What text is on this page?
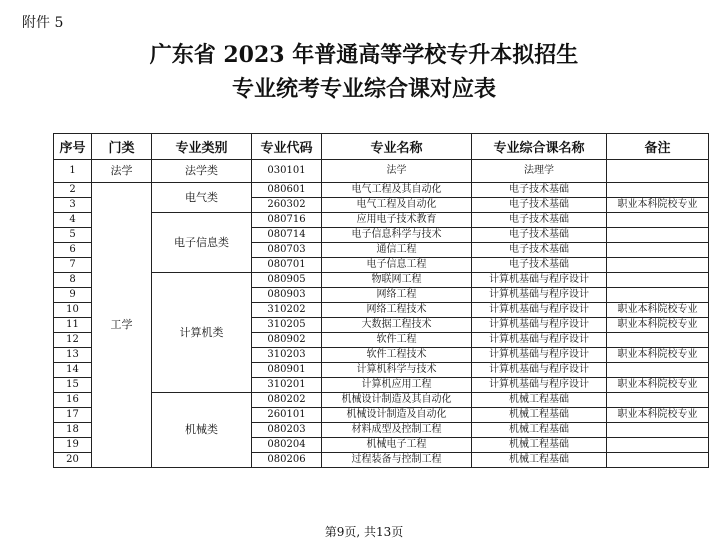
附件 5
广东省 2023 年普通高等学校专升本拟招生
专业统考专业综合课对应表
序号	门类	专业类别	专业代码	专业名称	专业综合课名称	备注
1	法学	法学类	030101	法学	法理学	
2	工学	电气类	080601	电气工程及其自动化	电子技术基础	
3			260302	电气工程及自动化	电子技术基础	职业本科院校专业
4		电子信息类	080716	应用电子技术教育	电子技术基础	
5			080714	电子信息科学与技术	电子技术基础	
6			080703	通信工程	电子技术基础	
7			080701	电子信息工程	电子技术基础	
8		计算机类	080905	物联网工程	计算机基础与程序设计	
9			080903	网络工程	计算机基础与程序设计	
10			310202	网络工程技术	计算机基础与程序设计	职业本科院校专业
11			310205	大数据工程技术	计算机基础与程序设计	职业本科院校专业
12			080902	软件工程	计算机基础与程序设计	
13			310203	软件工程技术	计算机基础与程序设计	职业本科院校专业
14			080901	计算机科学与技术	计算机基础与程序设计	
15			310201	计算机应用工程	计算机基础与程序设计	职业本科院校专业
16		机械类	080202	机械设计制造及其自动化	机械工程基础	
17			260101	机械设计制造及自动化	机械工程基础	职业本科院校专业
18			080203	材料成型及控制工程	机械工程基础	
19			080204	机械电子工程	机械工程基础	
20			080206	过程装备与控制工程	机械工程基础	
第9页, 共13页
